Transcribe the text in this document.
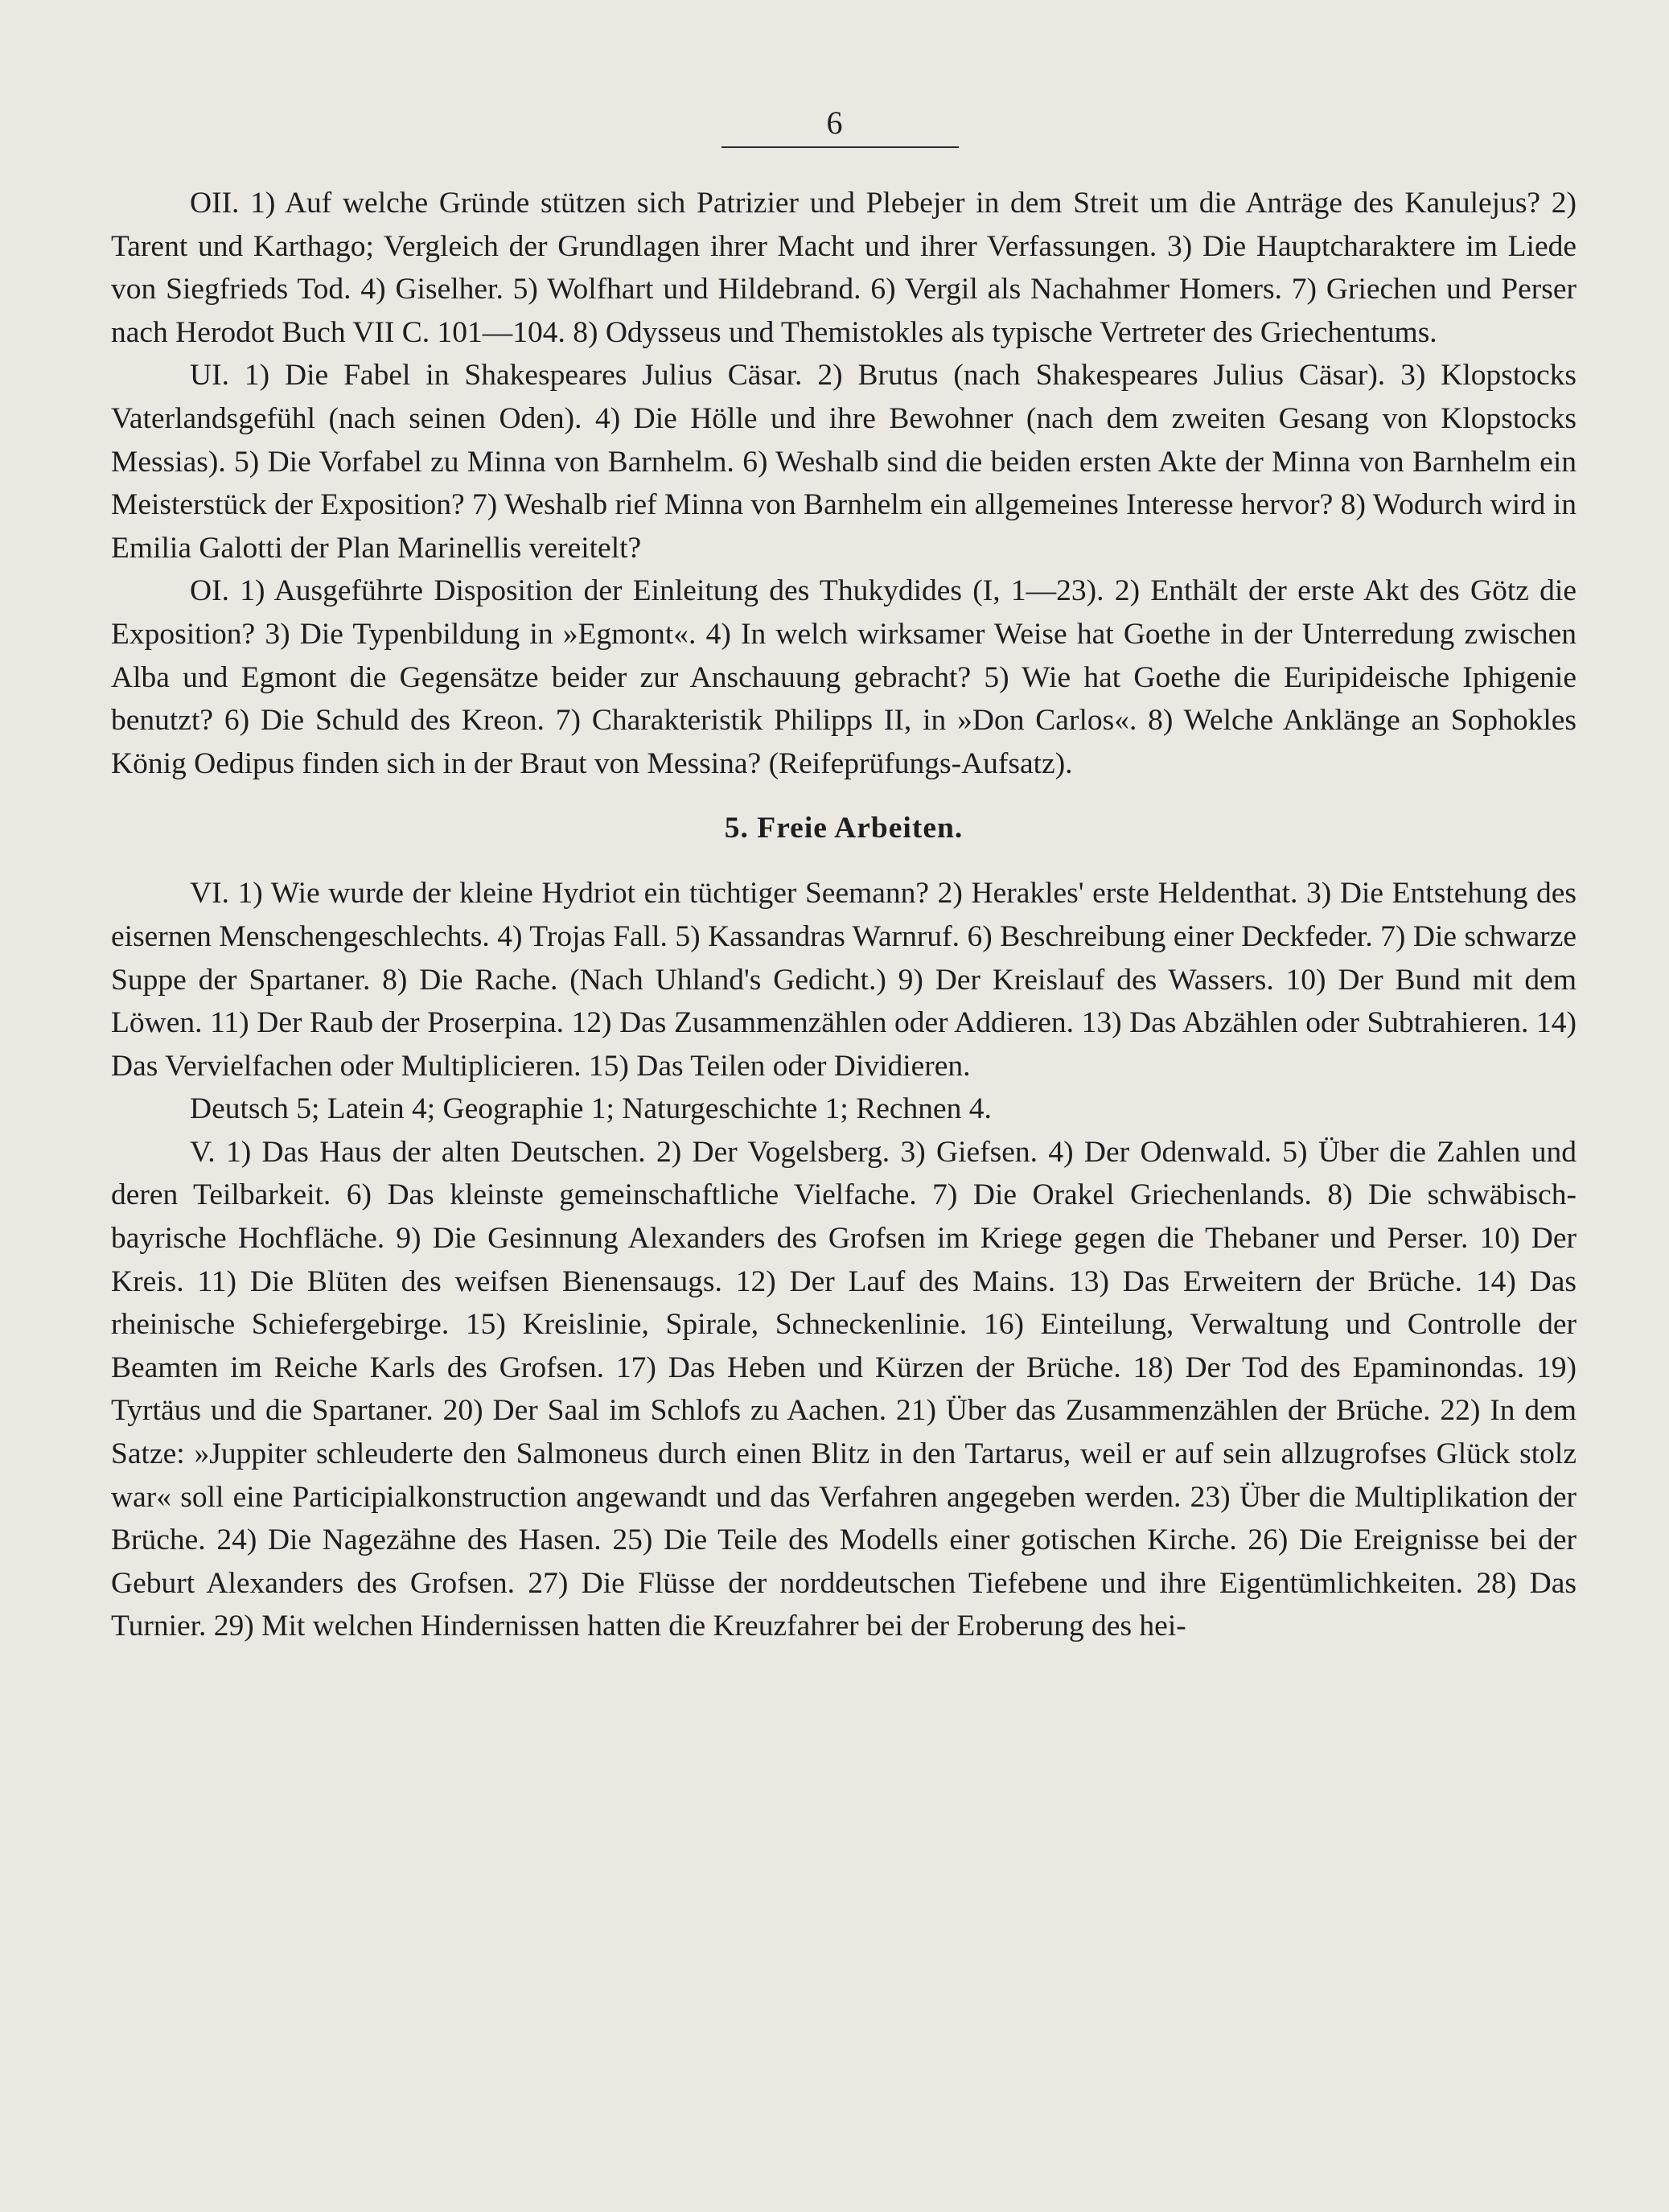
6

OII. 1) Auf welche Gründe stützen sich Patrizier und Plebejer in dem Streit um die Anträge des Kanulejus? 2) Tarent und Karthago; Vergleich der Grundlagen ihrer Macht und ihrer Verfassungen. 3) Die Hauptcharaktere im Liede von Siegfrieds Tod. 4) Giselher. 5) Wolfhart und Hildebrand. 6) Vergil als Nachahmer Homers. 7) Griechen und Perser nach Herodot Buch VII C. 101—104. 8) Odysseus und Themistokles als typische Vertreter des Griechentums.

UI. 1) Die Fabel in Shakespeares Julius Cäsar. 2) Brutus (nach Shakespeares Julius Cäsar). 3) Klopstocks Vaterlandsgefühl (nach seinen Oden). 4) Die Hölle und ihre Bewohner (nach dem zweiten Gesang von Klopstocks Messias). 5) Die Vorfabel zu Minna von Barnhelm. 6) Weshalb sind die beiden ersten Akte der Minna von Barnhelm ein Meisterstück der Exposition? 7) Weshalb rief Minna von Barnhelm ein allgemeines Interesse hervor? 8) Wodurch wird in Emilia Galotti der Plan Marinellis vereitelt?

OI. 1) Ausgeführte Disposition der Einleitung des Thukydides (I, 1—23). 2) Enthält der erste Akt des Götz die Exposition? 3) Die Typenbildung in »Egmont«. 4) In welch wirksamer Weise hat Goethe in der Unterredung zwischen Alba und Egmont die Gegensätze beider zur Anschauung gebracht? 5) Wie hat Goethe die Euripideische Iphigenie benutzt? 6) Die Schuld des Kreon. 7) Charakteristik Philipps II, in »Don Carlos«. 8) Welche Anklänge an Sophokles König Oedipus finden sich in der Braut von Messina? (Reifeprüfungs-Aufsatz).

5. Freie Arbeiten.

VI. 1) Wie wurde der kleine Hydriot ein tüchtiger Seemann? 2) Herakles' erste Heldenthat. 3) Die Entstehung des eisernen Menschengeschlechts. 4) Trojas Fall. 5) Kassandras Warnruf. 6) Beschreibung einer Deckfeder. 7) Die schwarze Suppe der Spartaner. 8) Die Rache. (Nach Uhland's Gedicht.) 9) Der Kreislauf des Wassers. 10) Der Bund mit dem Löwen. 11) Der Raub der Proserpina. 12) Das Zusammenzählen oder Addieren. 13) Das Abzählen oder Subtrahieren. 14) Das Vervielfachen oder Multiplicieren. 15) Das Teilen oder Dividieren.

Deutsch 5; Latein 4; Geographie 1; Naturgeschichte 1; Rechnen 4.

V. 1) Das Haus der alten Deutschen. 2) Der Vogelsberg. 3) Giefsen. 4) Der Odenwald. 5) Über die Zahlen und deren Teilbarkeit. 6) Das kleinste gemeinschaftliche Vielfache. 7) Die Orakel Griechenlands. 8) Die schwäbisch-bayrische Hochfläche. 9) Die Gesinnung Alexanders des Grofsen im Kriege gegen die Thebaner und Perser. 10) Der Kreis. 11) Die Blüten des weifsen Bienensaugs. 12) Der Lauf des Mains. 13) Das Erweitern der Brüche. 14) Das rheinische Schiefergebirge. 15) Kreislinie, Spirale, Schneckenlinie. 16) Einteilung, Verwaltung und Controlle der Beamten im Reiche Karls des Grofsen. 17) Das Heben und Kürzen der Brüche. 18) Der Tod des Epaminondas. 19) Tyrtäus und die Spartaner. 20) Der Saal im Schlofs zu Aachen. 21) Über das Zusammenzählen der Brüche. 22) In dem Satze: »Juppiter schleuderte den Salmoneus durch einen Blitz in den Tartarus, weil er auf sein allzugrofses Glück stolz war« soll eine Participialkonstruction angewandt und das Verfahren angegeben werden. 23) Über die Multiplikation der Brüche. 24) Die Nagezähne des Hasen. 25) Die Teile des Modells einer gotischen Kirche. 26) Die Ereignisse bei der Geburt Alexanders des Grofsen. 27) Die Flüsse der norddeutschen Tiefebene und ihre Eigentümlichkeiten. 28) Das Turnier. 29) Mit welchen Hindernissen hatten die Kreuzfahrer bei der Eroberung des hei-
